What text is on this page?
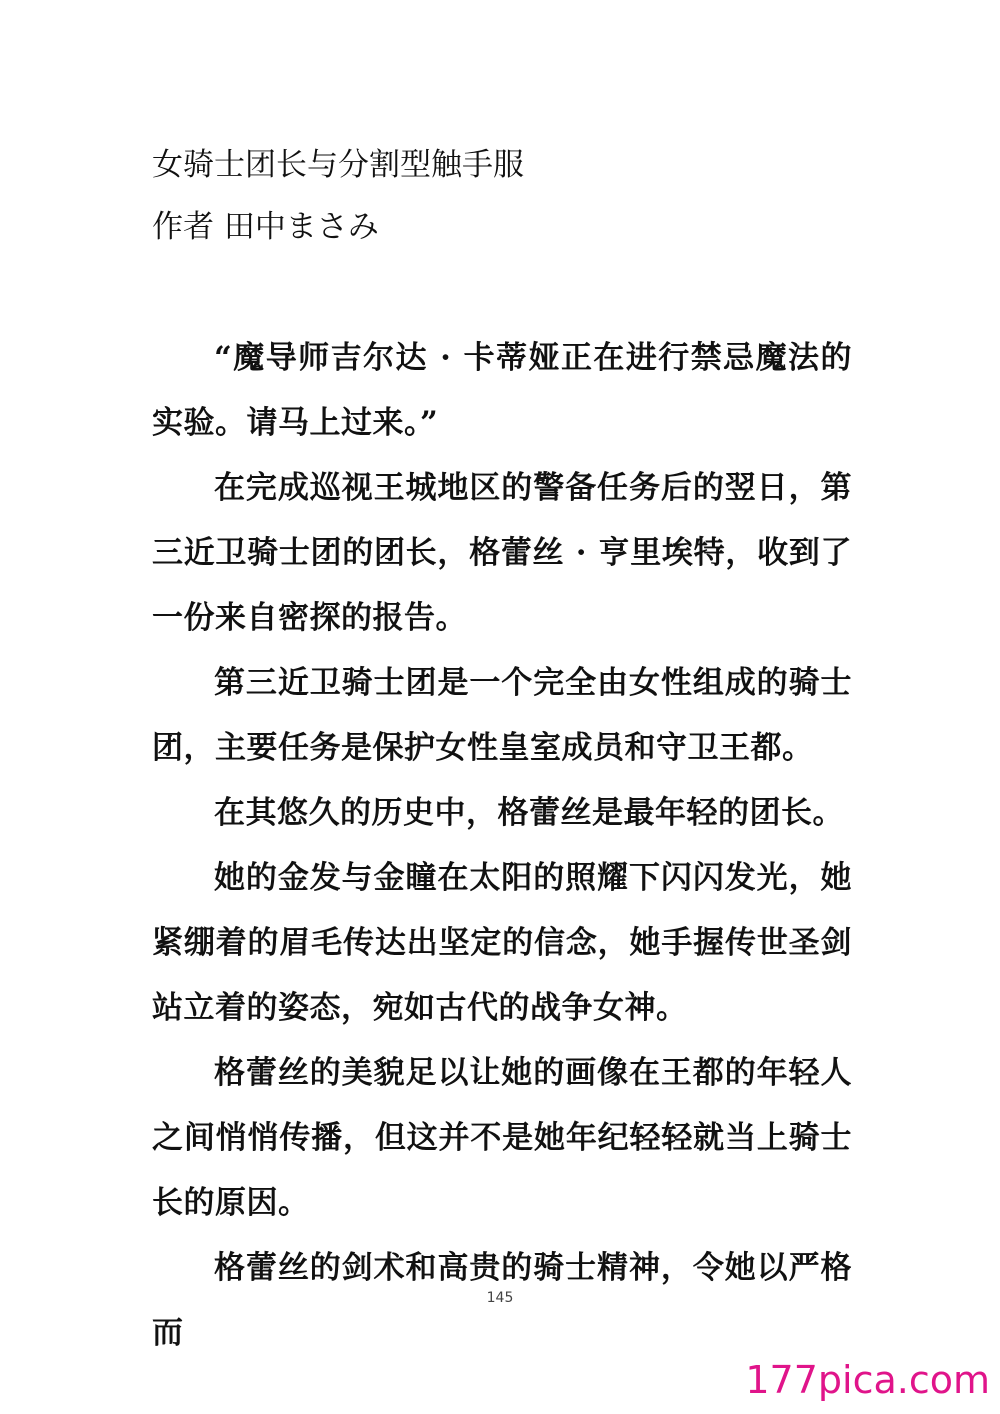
女骑士团长与分割型触手服
作者 田中まさみ

“魔导师吉尔达 · 卡蒂娅正在进行禁忌魔法的实验。请马上过来。”

在完成巡视王城地区的警备任务后的翌日，第三近卫骑士团的团长，格蕾丝 · 亨里埃特，收到了一份来自密探的报告。

第三近卫骑士团是一个完全由女性组成的骑士团，主要任务是保护女性皇室成员和守卫王都。

在其悠久的历史中，格蕾丝是最年轻的团长。

她的金发与金瞳在太阳的照耀下闪闪发光，她紧绷着的眉毛传达出坚定的信念，她手握传世圣剑站立着的姿态，宛如古代的战争女神。

格蕾丝的美貌足以让她的画像在王都的年轻人之间悄悄传播，但这并不是她年纪轻轻就当上骑士长的原因。

格蕾丝的剑术和高贵的骑士精神，令她以严格而

145
177pica.com
